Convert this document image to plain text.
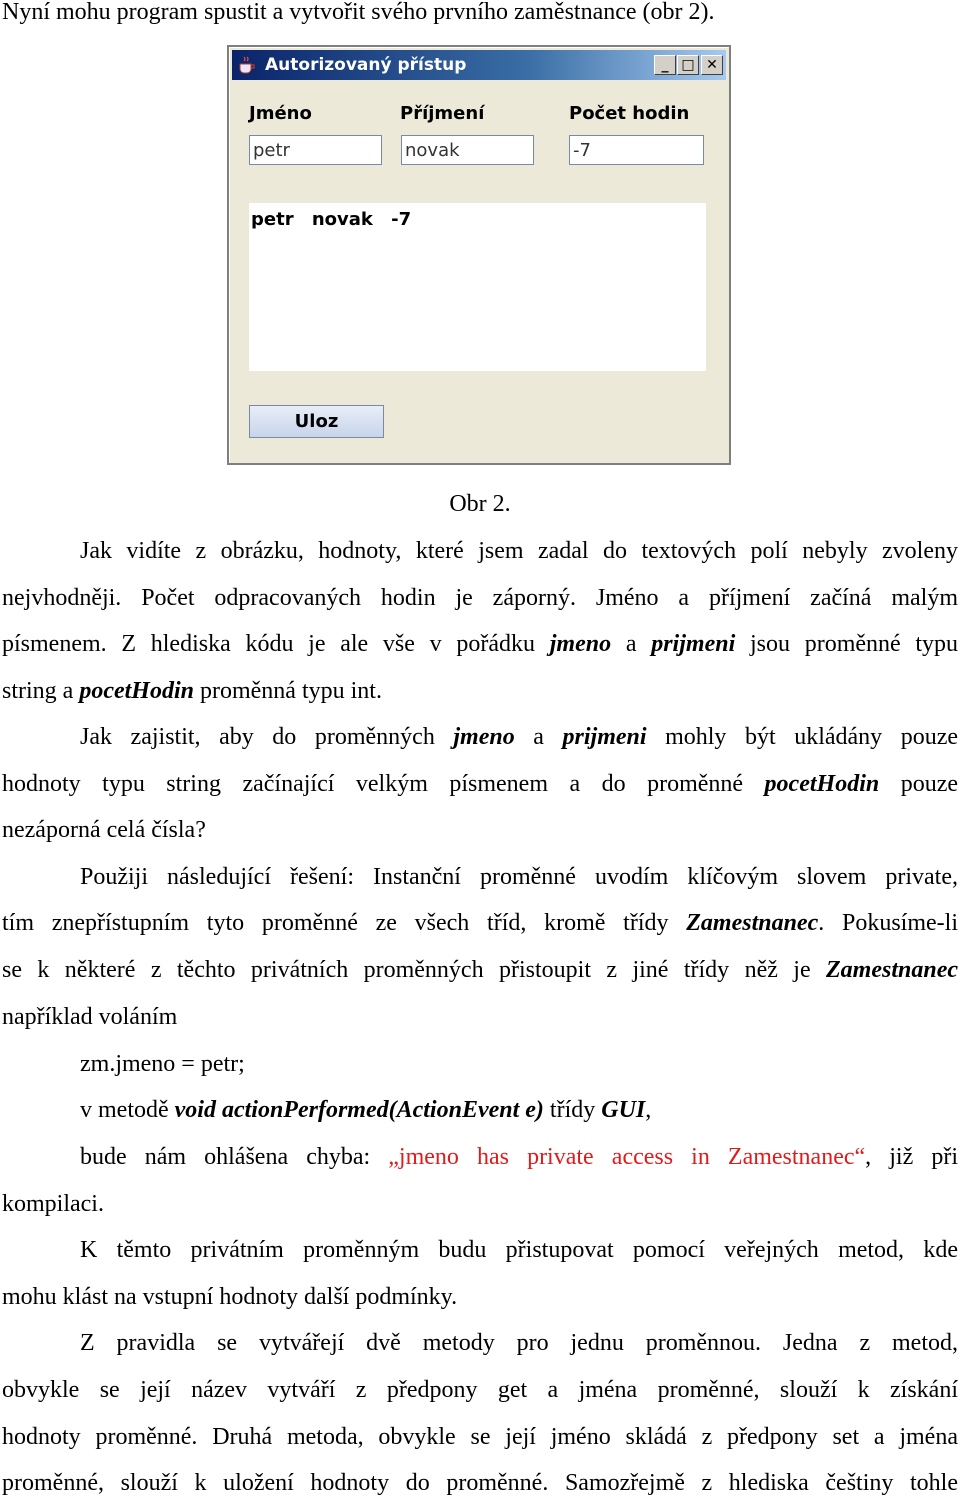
Nyní mohu program spustit a vytvořit svého prvního zaměstnance (obr 2).
Obr 2.
Jak vidíte z obrázku, hodnoty, které jsem zadal do textových polí nebyly zvoleny
nejvhodněji. Počet odpracovaných hodin je záporný. Jméno a příjmení začíná malým
písmenem. Z hlediska kódu je ale vše v pořádku jmeno a prijmeni jsou proměnné typu
string a pocetHodin proměnná typu int.
Jak zajistit, aby do proměnných jmeno a prijmeni mohly být ukládány pouze
hodnoty typu string začínající velkým písmenem a do proměnné pocetHodin pouze
nezáporná celá čísla?
Použiji následující řešení: Instanční proměnné uvodím klíčovým slovem private,
tím znepřístupním tyto proměnné ze všech tříd, kromě třídy Zamestnanec. Pokusíme-li
se k některé z těchto privátních proměnných přistoupit z jiné třídy něž je Zamestnanec
například voláním
zm.jmeno = petr;
v metodě void actionPerformed(ActionEvent e) třídy GUI,
bude nám ohlášena chyba: „jmeno has private access in Zamestnanec“, již při
kompilaci.
K těmto privátním proměnným budu přistupovat pomocí veřejných metod, kde
mohu klást na vstupní hodnoty další podmínky.
Z pravidla se vytvářejí dvě metody pro jednu proměnnou. Jedna z metod,
obvykle se její název vytváří z předpony get a jména proměnné, slouží k získání
hodnoty proměnné. Druhá metoda, obvykle se její jméno skládá z předpony set a jména
proměnné, slouží k uložení hodnoty do proměnné. Samozřejmě z hlediska češtiny tohle
Autorizovaný přístup	_ □ ✕
Jméno	Příjmení	Počet hodin
petr	novak	-7
petr novak -7
Uloz
